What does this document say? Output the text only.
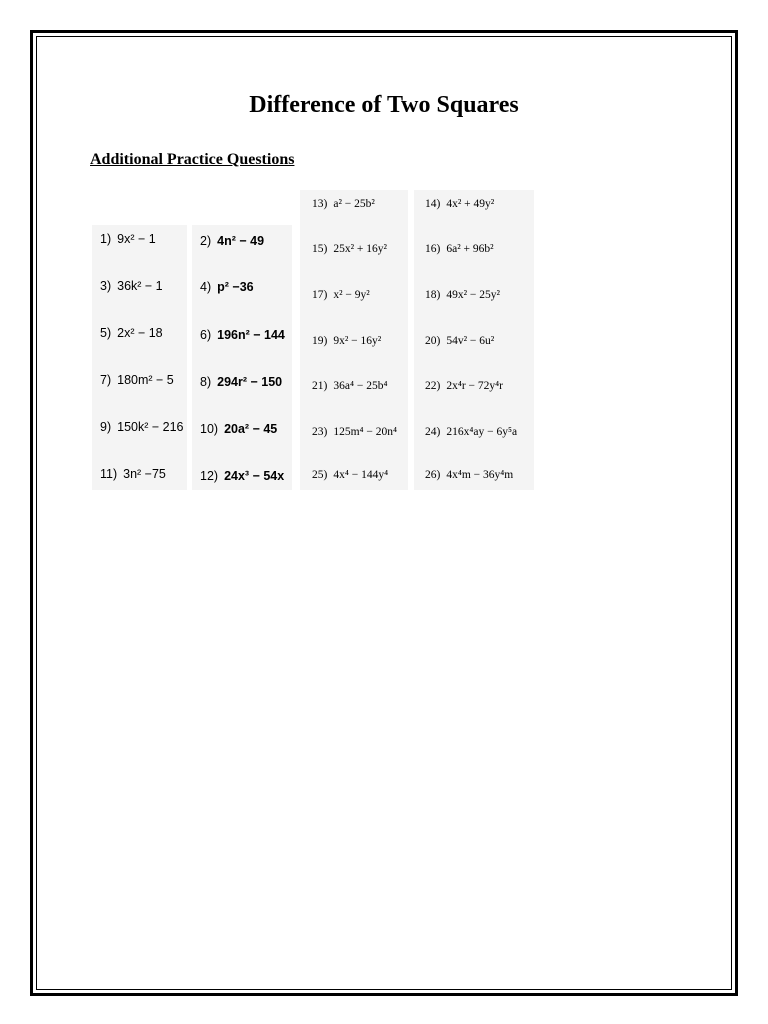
Difference of Two Squares
Additional Practice Questions
1) 9x² − 1
3) 36k² − 1
5) 2x² − 18
7) 180m² − 5
9) 150k² − 216
11) 3n² −75
2) 4n² − 49
4) p² −36
6) 196n² − 144
8) 294r² − 150
10) 20a² − 45
12) 24x³ − 54x
13) a² − 25b²
15) 25x² + 16y²
17) x² − 9y²
19) 9x² − 16y²
21) 36a⁴ − 25b⁴
23) 125m⁴ − 20n⁴
25) 4x⁴ − 144y⁴
14) 4x² + 49y²
16) 6a² + 96b²
18) 49x² − 25y²
20) 54v² − 6u²
22) 2x⁴r − 72y⁴r
24) 216x⁴ay − 6y⁵a
26) 4x⁴m − 36y⁴m
